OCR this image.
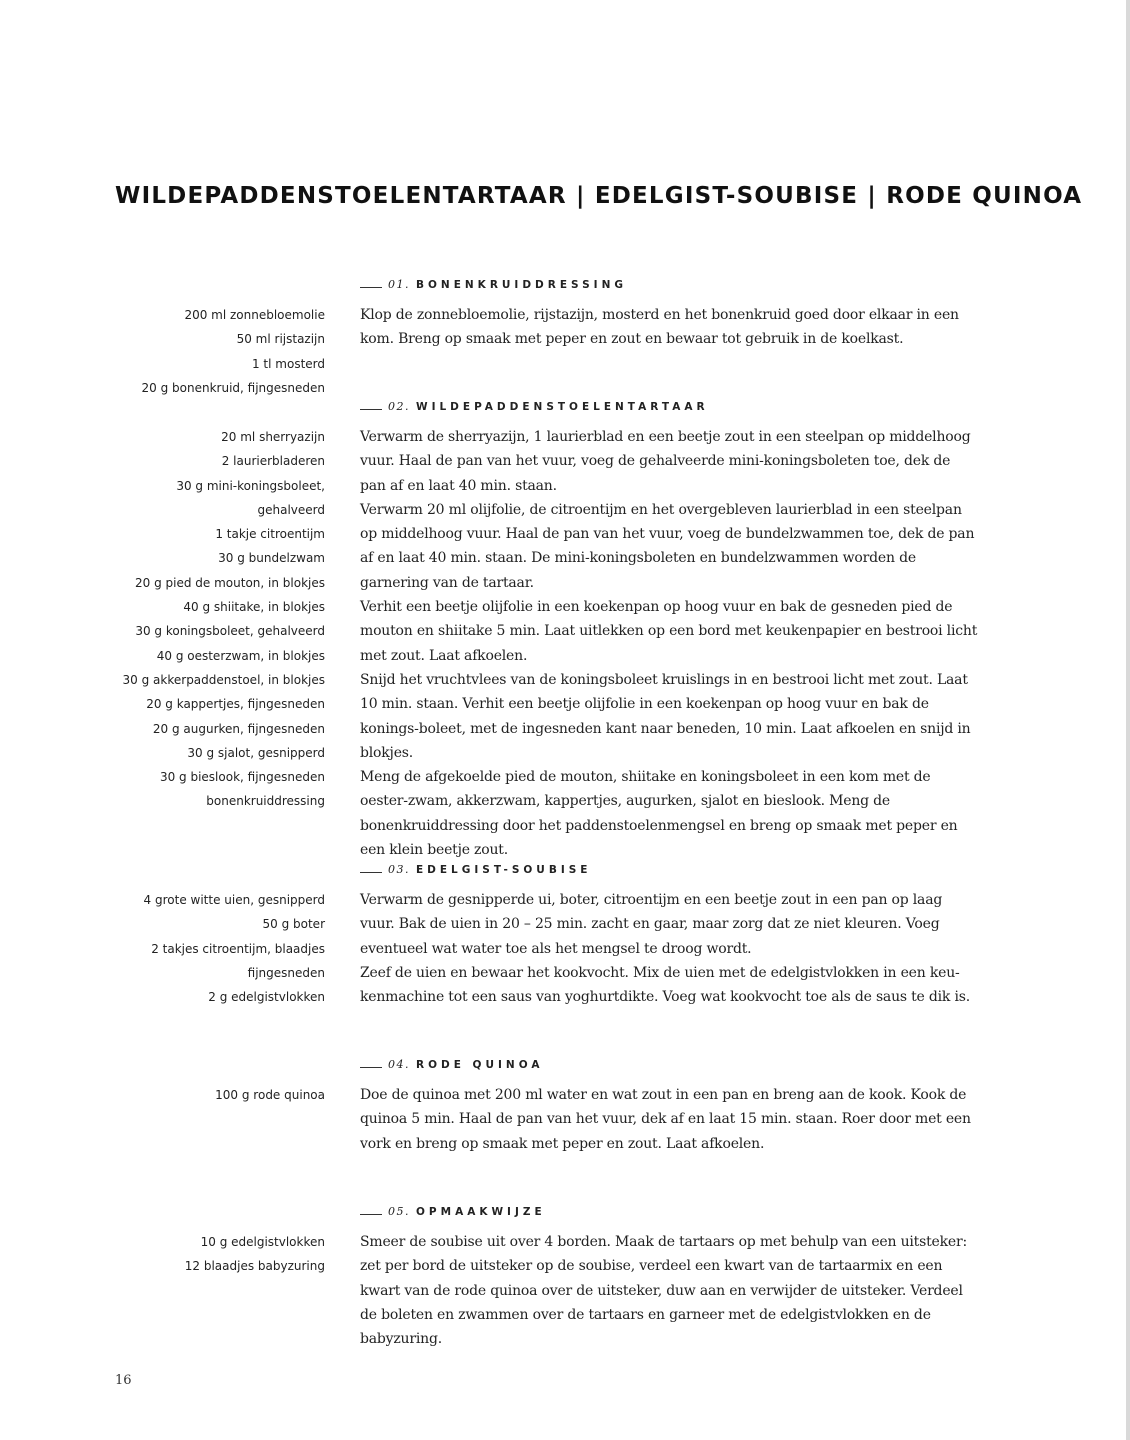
WILDEPADDENSTOELENTARTAAR | EDELGIST-SOUBISE | RODE QUINOA
01. BONENKRUIDDRESSING
200 ml zonnebloemolie
50 ml rijstazijn
1 tl mosterd
20 g bonenkruid, fijngesneden

Klop de zonnebloemolie, rijstazijn, mosterd en het bonenkruid goed door elkaar in een kom. Breng op smaak met peper en zout en bewaar tot gebruik in de koelkast.

02. WILDEPADDENSTOELENTARTAAR
20 ml sherryazijn
2 laurierbladeren
30 g mini-koningsboleet,
gehalveerd
1 takje citroentijm
30 g bundelzwam
20 g pied de mouton, in blokjes
40 g shiitake, in blokjes
30 g koningsboleet, gehalveerd
40 g oesterzwam, in blokjes
30 g akkerpaddenstoel, in blokjes
20 g kappertjes, fijngesneden
20 g augurken, fijngesneden
30 g sjalot, gesnipperd
30 g bieslook, fijngesneden
bonenkruiddressing

Verwarm de sherryazijn, 1 laurierblad en een beetje zout in een steelpan op middelhoog vuur. Haal de pan van het vuur, voeg de gehalveerde mini-koningsboleten toe, dek de pan af en laat 40 min. staan.

Verwarm 20 ml olijfolie, de citroentijm en het overgebleven laurierblad in een steelpan op middelhoog vuur. Haal de pan van het vuur, voeg de bundelzwammen toe, dek de pan af en laat 40 min. staan. De mini-koningsboleten en bundelzwammen worden de garnering van de tartaar.

Verhit een beetje olijfolie in een koekenpan op hoog vuur en bak de gesneden pied de mouton en shiitake 5 min. Laat uitlekken op een bord met keukenpapier en bestrooi licht met zout. Laat afkoelen.

Snijd het vruchtvlees van de koningsboleet kruislings in en bestrooi licht met zout. Laat 10 min. staan. Verhit een beetje olijfolie in een koekenpan op hoog vuur en bak de konings-boleet, met de ingesneden kant naar beneden, 10 min. Laat afkoelen en snijd in blokjes.

Meng de afgekoelde pied de mouton, shiitake en koningsboleet in een kom met de oester-zwam, akkerzwam, kappertjes, augurken, sjalot en bieslook. Meng de bonenkruiddressing door het paddenstoelenmengsel en breng op smaak met peper en een klein beetje zout.

03. EDELGIST-SOUBISE
4 grote witte uien, gesnipperd
50 g boter
2 takjes citroentijm, blaadjes
fijngesneden
2 g edelgistvlokken

Verwarm de gesnipperde ui, boter, citroentijm en een beetje zout in een pan op laag vuur. Bak de uien in 20 – 25 min. zacht en gaar, maar zorg dat ze niet kleuren. Voeg eventueel wat water toe als het mengsel te droog wordt.

Zeef de uien en bewaar het kookvocht. Mix de uien met de edelgistvlokken in een keu-kenmachine tot een saus van yoghurtdikte. Voeg wat kookvocht toe als de saus te dik is.

04. RODE QUINOA
100 g rode quinoa	Doe de quinoa met 200 ml water en wat zout in een pan en breng aan de kook. Kook de quinoa 5 min. Haal de pan van het vuur, dek af en laat 15 min. staan. Roer door met een vork en breng op smaak met peper en zout. Laat afkoelen.

05. OPMAAKWIJZE
10 g edelgistvlokken
12 blaadjes babyzuring

Smeer de soubise uit over 4 borden. Maak de tartaars op met behulp van een uitsteker: zet per bord de uitsteker op de soubise, verdeel een kwart van de tartaarmix en een kwart van de rode quinoa over de uitsteker, duw aan en verwijder de uitsteker. Verdeel de boleten en zwammen over de tartaars en garneer met de edelgistvlokken en de babyzuring.

16
